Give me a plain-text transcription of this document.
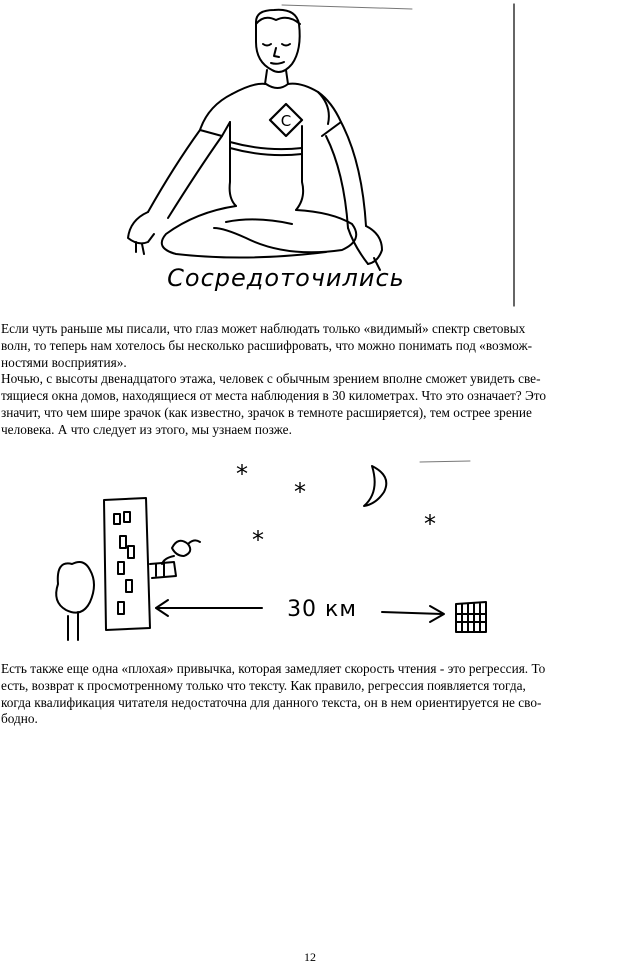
С
Сосредоточились

Если чуть раньше мы писали, что глаз может наблюдать только «видимый» спектр световых

волн, то теперь нам хотелось бы несколько расшифровать, что можно понимать под «возмож-

ностями восприятия».

Ночью, с высоты двенадцатого этажа, человек с обычным зрением вполне сможет увидеть све-

тящиеся окна домов, находящиеся от места наблюдения в 30 километрах. Что это означает? Это

значит, что чем шире зрачок (как известно, зрачок в темноте расширяется), тем острее зрение

человека. А что следует из этого, мы узнаем позже.

*
*
*
*
30 км

Есть также еще одна «плохая» привычка, которая замедляет скорость чтения - это регрессия. То

есть, возврат к просмотренному только что тексту. Как правило, регрессия появляется тогда,

когда квалификация читателя недостаточна для данного текста, он в нем ориентируется не сво-

бодно.

12
